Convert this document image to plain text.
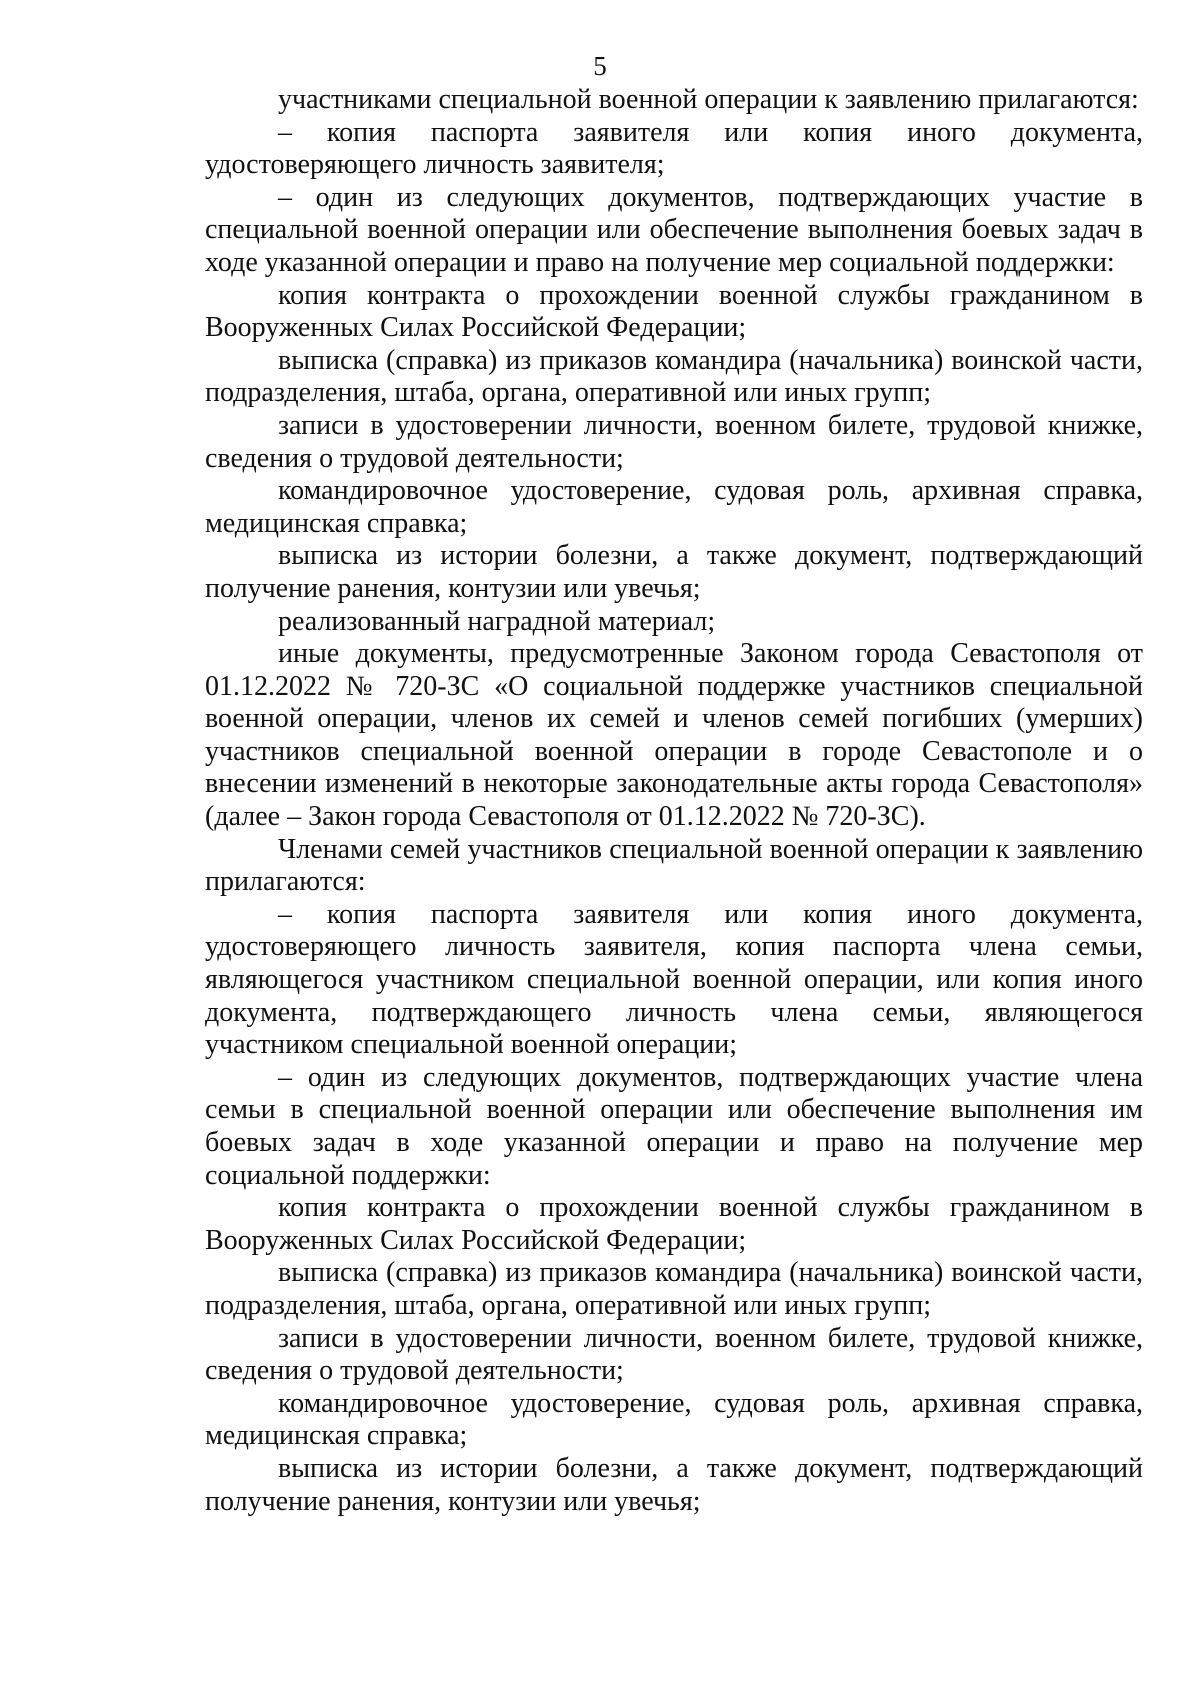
5

участниками специальной военной операции к заявлению прилагаются:

– копия паспорта заявителя или копия иного документа, удостоверяющего личность заявителя;

– один из следующих документов, подтверждающих участие в специальной военной операции или обеспечение выполнения боевых задач в ходе указанной операции и право на получение мер социальной поддержки:

копия контракта о прохождении военной службы гражданином в Вооруженных Силах Российской Федерации;

выписка (справка) из приказов командира (начальника) воинской части, подразделения, штаба, органа, оперативной или иных групп;

записи в удостоверении личности, военном билете, трудовой книжке, сведения о трудовой деятельности;

командировочное удостоверение, судовая роль, архивная справка, медицинская справка;

выписка из истории болезни, а также документ, подтверждающий получение ранения, контузии или увечья;

реализованный наградной материал;

иные документы, предусмотренные Законом города Севастополя от 01.12.2022 № 720-ЗС «О социальной поддержке участников специальной военной операции, членов их семей и членов семей погибших (умерших) участников специальной военной операции в городе Севастополе и о внесении изменений в некоторые законодательные акты города Севастополя» (далее – Закон города Севастополя от 01.12.2022 № 720-ЗС).

Членами семей участников специальной военной операции к заявлению прилагаются:

– копия паспорта заявителя или копия иного документа, удостоверяющего личность заявителя, копия паспорта члена семьи, являющегося участником специальной военной операции, или копия иного документа, подтверждающего личность члена семьи, являющегося участником специальной военной операции;

– один из следующих документов, подтверждающих участие члена семьи в специальной военной операции или обеспечение выполнения им боевых задач в ходе указанной операции и право на получение мер социальной поддержки:

копия контракта о прохождении военной службы гражданином в Вооруженных Силах Российской Федерации;

выписка (справка) из приказов командира (начальника) воинской части, подразделения, штаба, органа, оперативной или иных групп;

записи в удостоверении личности, военном билете, трудовой книжке, сведения о трудовой деятельности;

командировочное удостоверение, судовая роль, архивная справка, медицинская справка;

выписка из истории болезни, а также документ, подтверждающий получение ранения, контузии или увечья;
